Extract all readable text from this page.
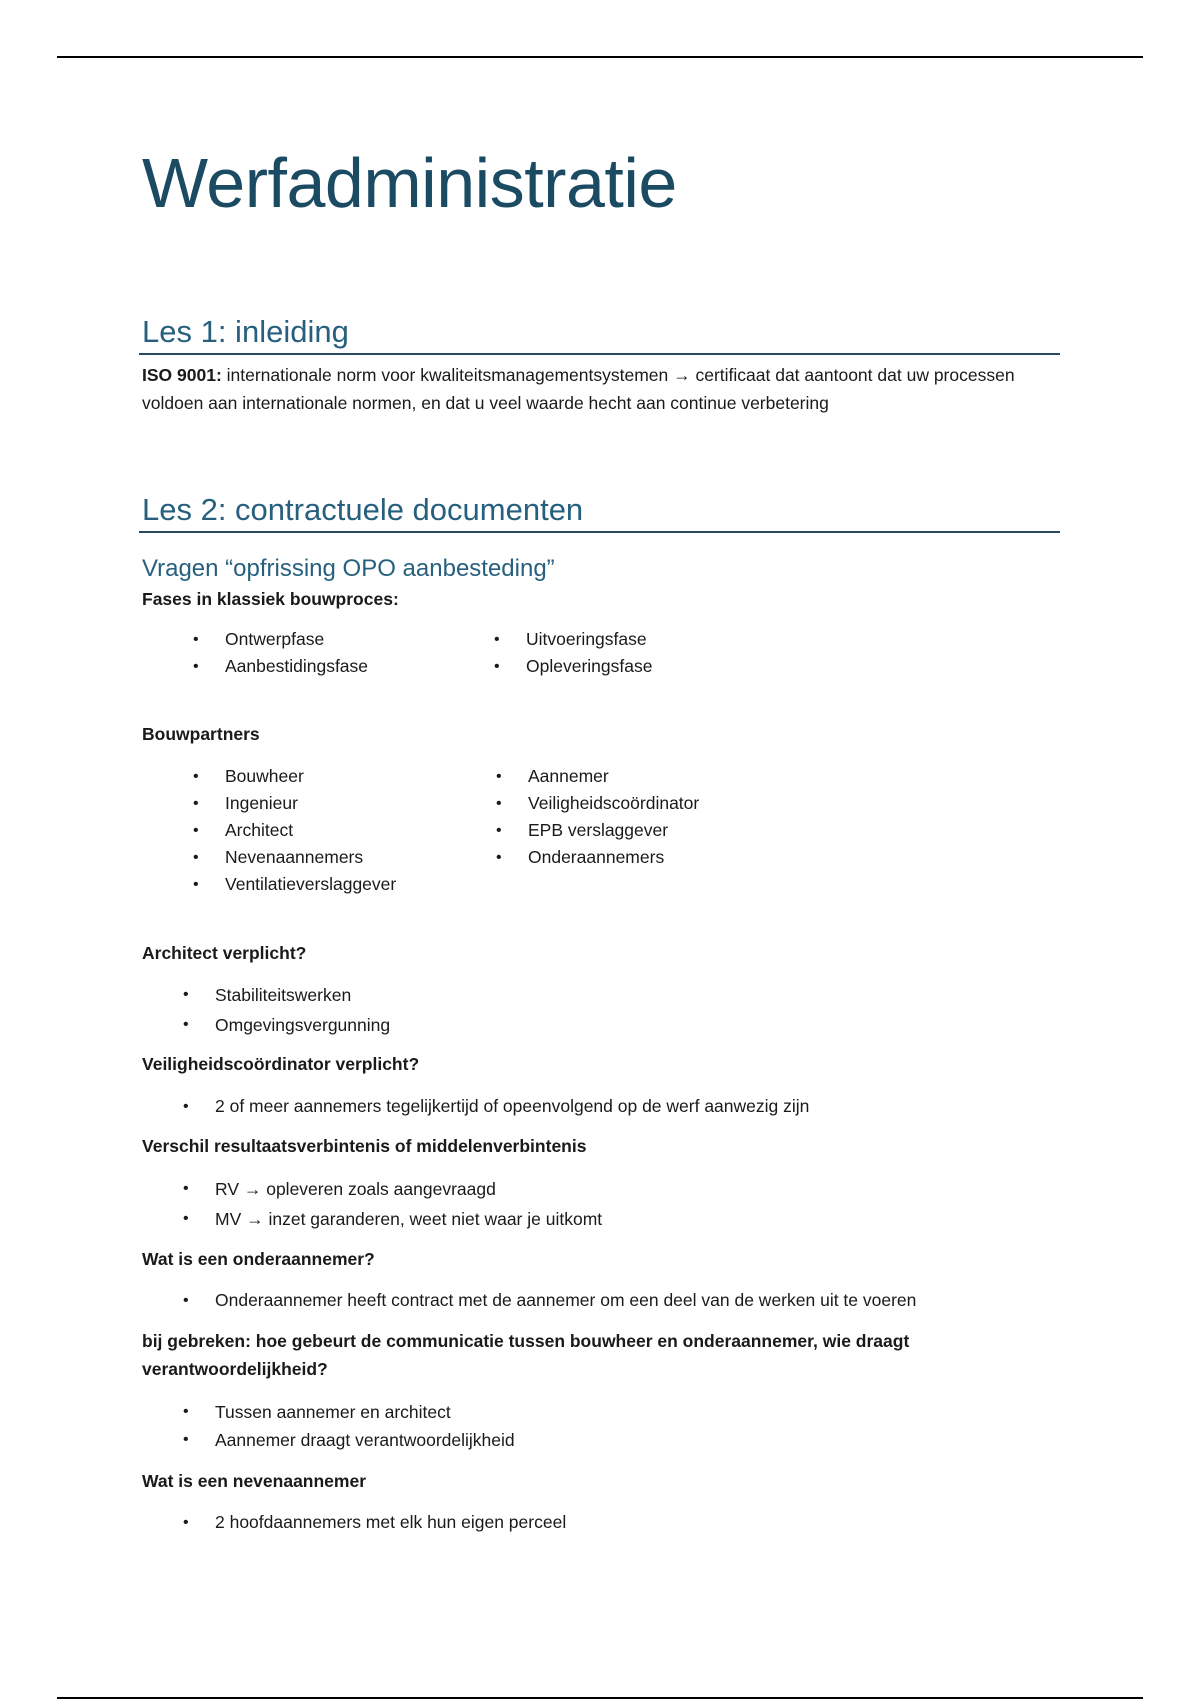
Werfadministratie
Les 1: inleiding

ISO 9001: internationale norm voor kwaliteitsmanagementsystemen → certificaat dat aantoont dat uw processen voldoen aan internationale normen, en dat u veel waarde hecht aan continue verbetering

Les 2: contractuele documenten
Vragen “opfrissing OPO aanbesteding”

Fases in klassiek bouwproces:

• Ontwerpfase
• Aanbestidingsfase
• Uitvoeringsfase
• Opleveringsfase

Bouwpartners

• Bouwheer
• Ingenieur
• Architect
• Nevenaannemers
• Ventilatieverslaggever
• Aannemer
• Veiligheidscoördinator
• EPB verslaggever
• Onderaannemers

Architect verplicht?

• Stabiliteitswerken
• Omgevingsvergunning

Veiligheidscoördinator verplicht?

• 2 of meer aannemers tegelijkertijd of opeenvolgend op de werf aanwezig zijn

Verschil resultaatsverbintenis of middelenverbintenis

• RV → opleveren zoals aangevraagd
• MV → inzet garanderen, weet niet waar je uitkomt

Wat is een onderaannemer?

• Onderaannemer heeft contract met de aannemer om een deel van de werken uit te voeren

bij gebreken: hoe gebeurt de communicatie tussen bouwheer en onderaannemer, wie draagt verantwoordelijkheid?

• Tussen aannemer en architect
• Aannemer draagt verantwoordelijkheid

Wat is een nevenaannemer

• 2 hoofdaannemers met elk hun eigen perceel
